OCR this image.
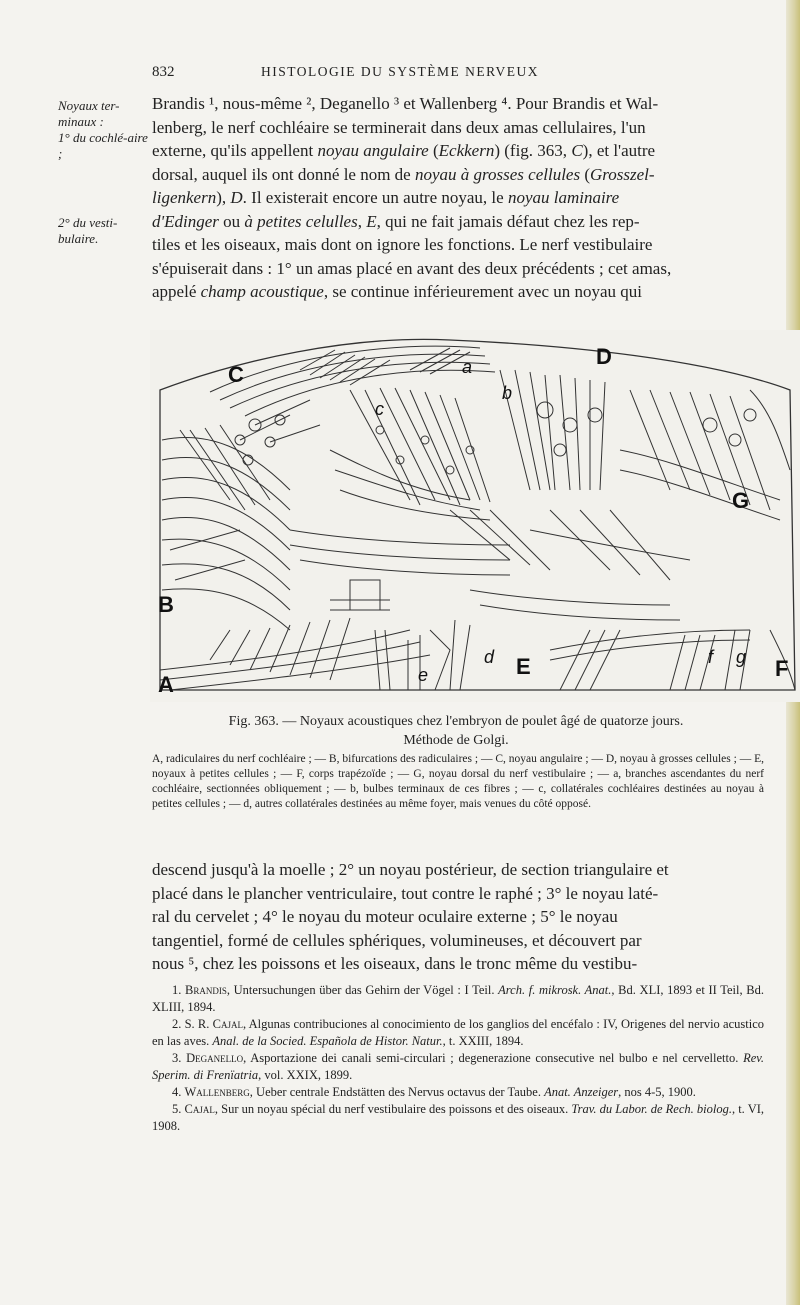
832	HISTOLOGIE DU SYSTÈME NERVEUX
Noyaux ter-minaux :
1° du cochlé-aire ;
2° du vesti-bulaire.

Brandis ¹, nous-même ², Deganello ³ et Wallenberg ⁴. Pour Brandis et Wal-

lenberg, le nerf cochléaire se terminerait dans deux amas cellulaires, l'un

externe, qu'ils appellent noyau angulaire (Eckkern) (fig. 363, C), et l'autre

dorsal, auquel ils ont donné le nom de noyau à grosses cellules (Grosszel-

ligenkern), D. Il existerait encore un autre noyau, le noyau laminaire

d'Edinger ou à petites celulles, E, qui ne fait jamais défaut chez les rep-

tiles et les oiseaux, mais dont on ignore les fonctions. Le nerf vestibulaire

s'épuiserait dans : 1° un amas placé en avant des deux précédents ; cet amas,

appelé champ acoustique, se continue inférieurement avec un noyau qui

C
D
G
B
A
E	F
a
b
c
d
e
f g
Fig. 363. — Noyaux acoustiques chez l'embryon de poulet âgé de quatorze jours.
Méthode de Golgi.
A, radiculaires du nerf cochléaire ; — B, bifurcations des radiculaires ; — C, noyau angulaire ; — D, noyau à grosses cellules ; — E, noyaux à petites cellules ; — F, corps trapézoïde ; — G, noyau dorsal du nerf vestibulaire ; — a, branches ascendantes du nerf cochléaire, sectionnées obliquement ; — b, bulbes terminaux de ces fibres ; — c, collatérales cochléaires destinées au noyau à petites cellules ; — d, autres collatérales destinées au même foyer, mais venues du côté opposé.

descend jusqu'à la moelle ; 2° un noyau postérieur, de section triangulaire et

placé dans le plancher ventriculaire, tout contre le raphé ; 3° le noyau laté-

ral du cervelet ; 4° le noyau du moteur oculaire externe ; 5° le noyau

tangentiel, formé de cellules sphériques, volumineuses, et découvert par

nous ⁵, chez les poissons et les oiseaux, dans le tronc même du vestibu-

1. Brandis, Untersuchungen über das Gehirn der Vögel : I Teil. Arch. f. mikrosk. Anat., Bd. XLI, 1893 et II Teil, Bd. XLIII, 1894.

2. S. R. Cajal, Algunas contribuciones al conocimiento de los ganglios del encéfalo : IV, Origenes del nervio acustico en las aves. Anal. de la Socied. Española de Histor. Natur., t. XXIII, 1894.

3. Deganello, Asportazione dei canali semi-circulari ; degenerazione consecutive nel bulbo e nel cervelletto. Rev. Sperim. di Frenïatria, vol. XXIX, 1899.

4. Wallenberg, Ueber centrale Endstätten des Nervus octavus der Taube. Anat. Anzeiger, nos 4-5, 1900.

5. Cajal, Sur un noyau spécial du nerf vestibulaire des poissons et des oiseaux. Trav. du Labor. de Rech. biolog., t. VI, 1908.
